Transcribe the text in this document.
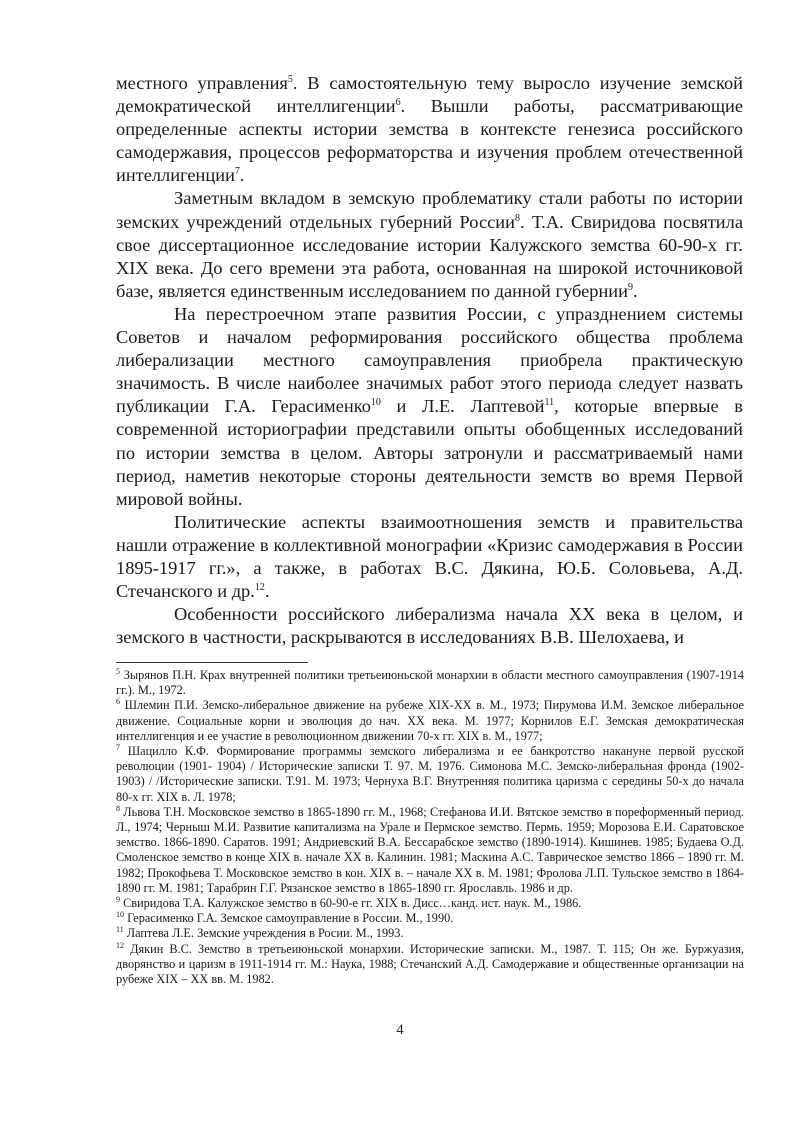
местного управления$^5$. В самостоятельную тему выросло изучение земской демократической интеллигенции$^6$. Вышли работы, рассматривающие определенные аспекты истории земства в контексте генезиса российского самодержавия, процессов реформаторства и изучения проблем отечественной интеллигенции$^7$.

Заметным вкладом в земскую проблематику стали работы по истории земских учреждений отдельных губерний России$^8$. Т.А. Свиридова посвятила свое диссертационное исследование истории Калужского земства 60-90-х гг. XIX века. До сего времени эта работа, основанная на широкой источниковой базе, является единственным исследованием по данной губернии$^9$.

На перестроечном этапе развития России, с упразднением системы Советов и началом реформирования российского общества проблема либерализации местного самоуправления приобрела практическую значимость. В числе наиболее значимых работ этого периода следует назвать публикации Г.А. Герасименко$^{10}$ и Л.Е. Лаптевой$^{11}$, которые впервые в современной историографии представили опыты обобщенных исследований по истории земства в целом. Авторы затронули и рассматриваемый нами период, наметив некоторые стороны деятельности земств во время Первой мировой войны.

Политические аспекты взаимоотношения земств и правительства нашли отражение в коллективной монографии «Кризис самодержавия в России 1895-1917 гг.», а также, в работах В.С. Дякина, Ю.Б. Соловьева, А.Д. Стечанского и др.$^{12}$.

Особенности российского либерализма начала XX века в целом, и земского в частности, раскрываются в исследованиях В.В. Шелохаева, и

$^5$ Зырянов П.Н. Крах внутренней политики третьеиюньской монархии в области местного самоуправления (1907-1914 гг.). М., 1972.

$^6$ Шлемин П.И. Земско-либеральное движение на рубеже XIX-XX в. М., 1973; Пирумова И.М. Земское либеральное движение. Социальные корни и эволюция до нач. XX века. М. 1977; Корнилов Е.Г. Земская демократическая интеллигенция и ее участие в революционном движении 70-х гг. XIX в. М., 1977;

$^7$ Шацилло К.Ф. Формирование программы земского либерализма и ее банкротство накануне первой русской революции (1901- 1904) / Исторические записки Т. 97. М. 1976. Симонова М.С. Земско-либеральная фронда (1902-1903) / /Исторические записки. Т.91. М. 1973; Чернуха В.Г. Внутренняя политика царизма с середины 50-х до начала 80-х гг. XIX в. Л. 1978;

$^8$ Львова Т.Н. Московское земство в 1865-1890 гг. М., 1968; Стефанова И.И. Вятское земство в пореформенный период. Л., 1974; Черныш М.И. Развитие капитализма на Урале и Пермское земство. Пермь. 1959; Морозова Е.И. Саратовское земство. 1866-1890. Саратов. 1991; Андриевский В.А. Бессарабское земство (1890-1914). Кишинев. 1985; Будаева О.Д. Смоленское земство в конце XIX в. начале XX в. Калинин. 1981; Маскина А.С. Таврическое земство 1866 – 1890 гг. М. 1982; Прокофьева Т. Московское земство в кон. XIX в. – начале XX в. М. 1981; Фролова Л.П. Тульское земство в 1864-1890 гг. М. 1981; Тарабрин Г.Г. Рязанское земство в 1865-1890 гг. Ярославль. 1986 и др.

$^9$ Свиридова Т.А. Калужское земство в 60-90-е гг. XIX в. Дисс…канд. ист. наук. М., 1986.

$^{10}$ Герасименко Г.А. Земское самоуправление в России. М., 1990.

$^{11}$ Лаптева Л.Е. Земские учреждения в Росии. М., 1993.

$^{12}$ Дякин В.С. Земство в третьеиюньской монархии. Исторические записки. М., 1987. Т. 115; Он же. Буржуазия, дворянство и царизм в 1911-1914 гг. М.: Наука, 1988; Стечанский А.Д. Самодержавие и общественные организации на рубеже XIX – XX вв. М. 1982.

4
